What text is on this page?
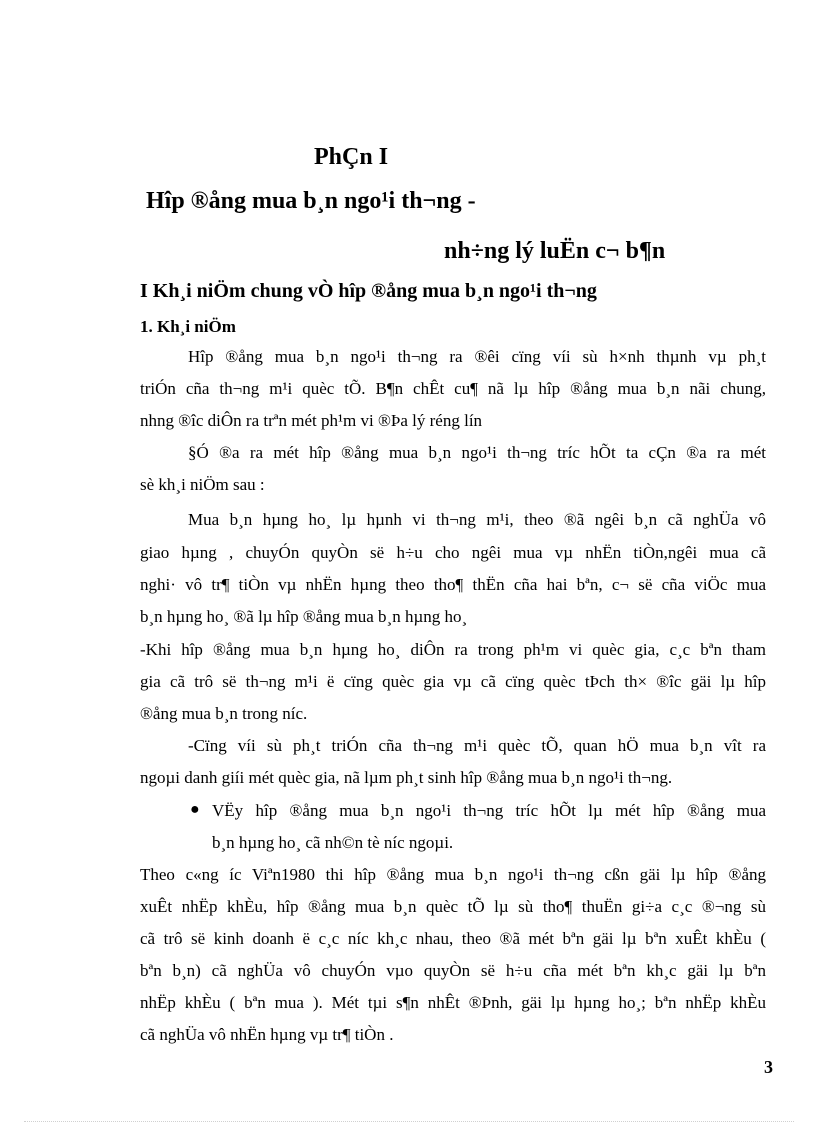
PhÇn I
Hîp ®ång mua b¸n ngo¹i th¬ng -
nh÷ng lý luËn c¬ b¶n
I Kh¸i niÖm chung vÒ hîp ®ång mua b¸n ngo¹i th¬ng
1. Kh¸i niÖm
Hîp ®ång mua b¸n ngo¹i th¬ng ra ®êi cïng víi sù h×nh thµnh vµ ph¸t
triÓn cña th¬ng m¹i quèc tÕ. B¶n chÊt cu¶ nã lµ hîp ®ång mua b¸n nãi chung,
nhng ®îc diÔn ra trªn mét ph¹m vi ®Þa lý réng lín
§Ó ®a ra mét hîp ®ång mua b¸n ngo¹i th¬ng tríc hÕt ta cÇn ®a ra mét
sè kh¸i niÖm sau :
Mua b¸n hµng ho¸ lµ hµnh vi th¬ng m¹i, theo ®ã ngêi b¸n cã nghÜa vô
giao hµng , chuyÓn quyÒn së h÷u cho ngêi mua vµ nhËn tiÒn,ngêi mua cã
nghi· vô tr¶ tiÒn vµ nhËn hµng theo tho¶ thËn cña hai bªn, c¬ së cña viÖc mua
b¸n hµng ho¸ ®ã lµ hîp ®ång mua b¸n hµng ho¸
-Khi hîp ®ång mua b¸n hµng ho¸ diÔn ra trong ph¹m vi quèc gia, c¸c bªn tham
gia cã trô së th¬ng m¹i ë cïng quèc gia vµ cã cïng quèc tÞch th× ®îc gäi lµ hîp
®ång mua b¸n trong níc.
-Cïng víi sù ph¸t triÓn cña th¬ng m¹i quèc tÕ, quan hÖ mua b¸n vît ra
ngoµi danh giíi mét quèc gia, nã lµm ph¸t sinh hîp ®ång mua b¸n ngo¹i th¬ng.
● VËy hîp ®ång mua b¸n ngo¹i th¬ng tríc hÕt lµ mét hîp ®ång mua
b¸n hµng ho¸ cã nh©n tè níc ngoµi.
Theo c«ng íc Viªn1980 thi hîp ®ång mua b¸n ngo¹i th¬ng cßn gäi lµ hîp ®ång
xuÊt nhËp khÈu, hîp ®ång mua b¸n quèc tÕ lµ sù tho¶ thuËn gi÷a c¸c ®¬ng sù
cã trô së kinh doanh ë c¸c níc kh¸c nhau, theo ®ã mét bªn gäi lµ bªn xuÊt khÈu (
bªn b¸n) cã nghÜa vô chuyÓn vµo quyÒn së h÷u cña mét bªn kh¸c gäi lµ bªn
nhËp khÈu ( bªn mua ). Mét tµi s¶n nhÊt ®Þnh, gäi lµ hµng ho¸; bªn nhËp khÈu
cã nghÜa vô nhËn hµng vµ tr¶ tiÒn .
3
